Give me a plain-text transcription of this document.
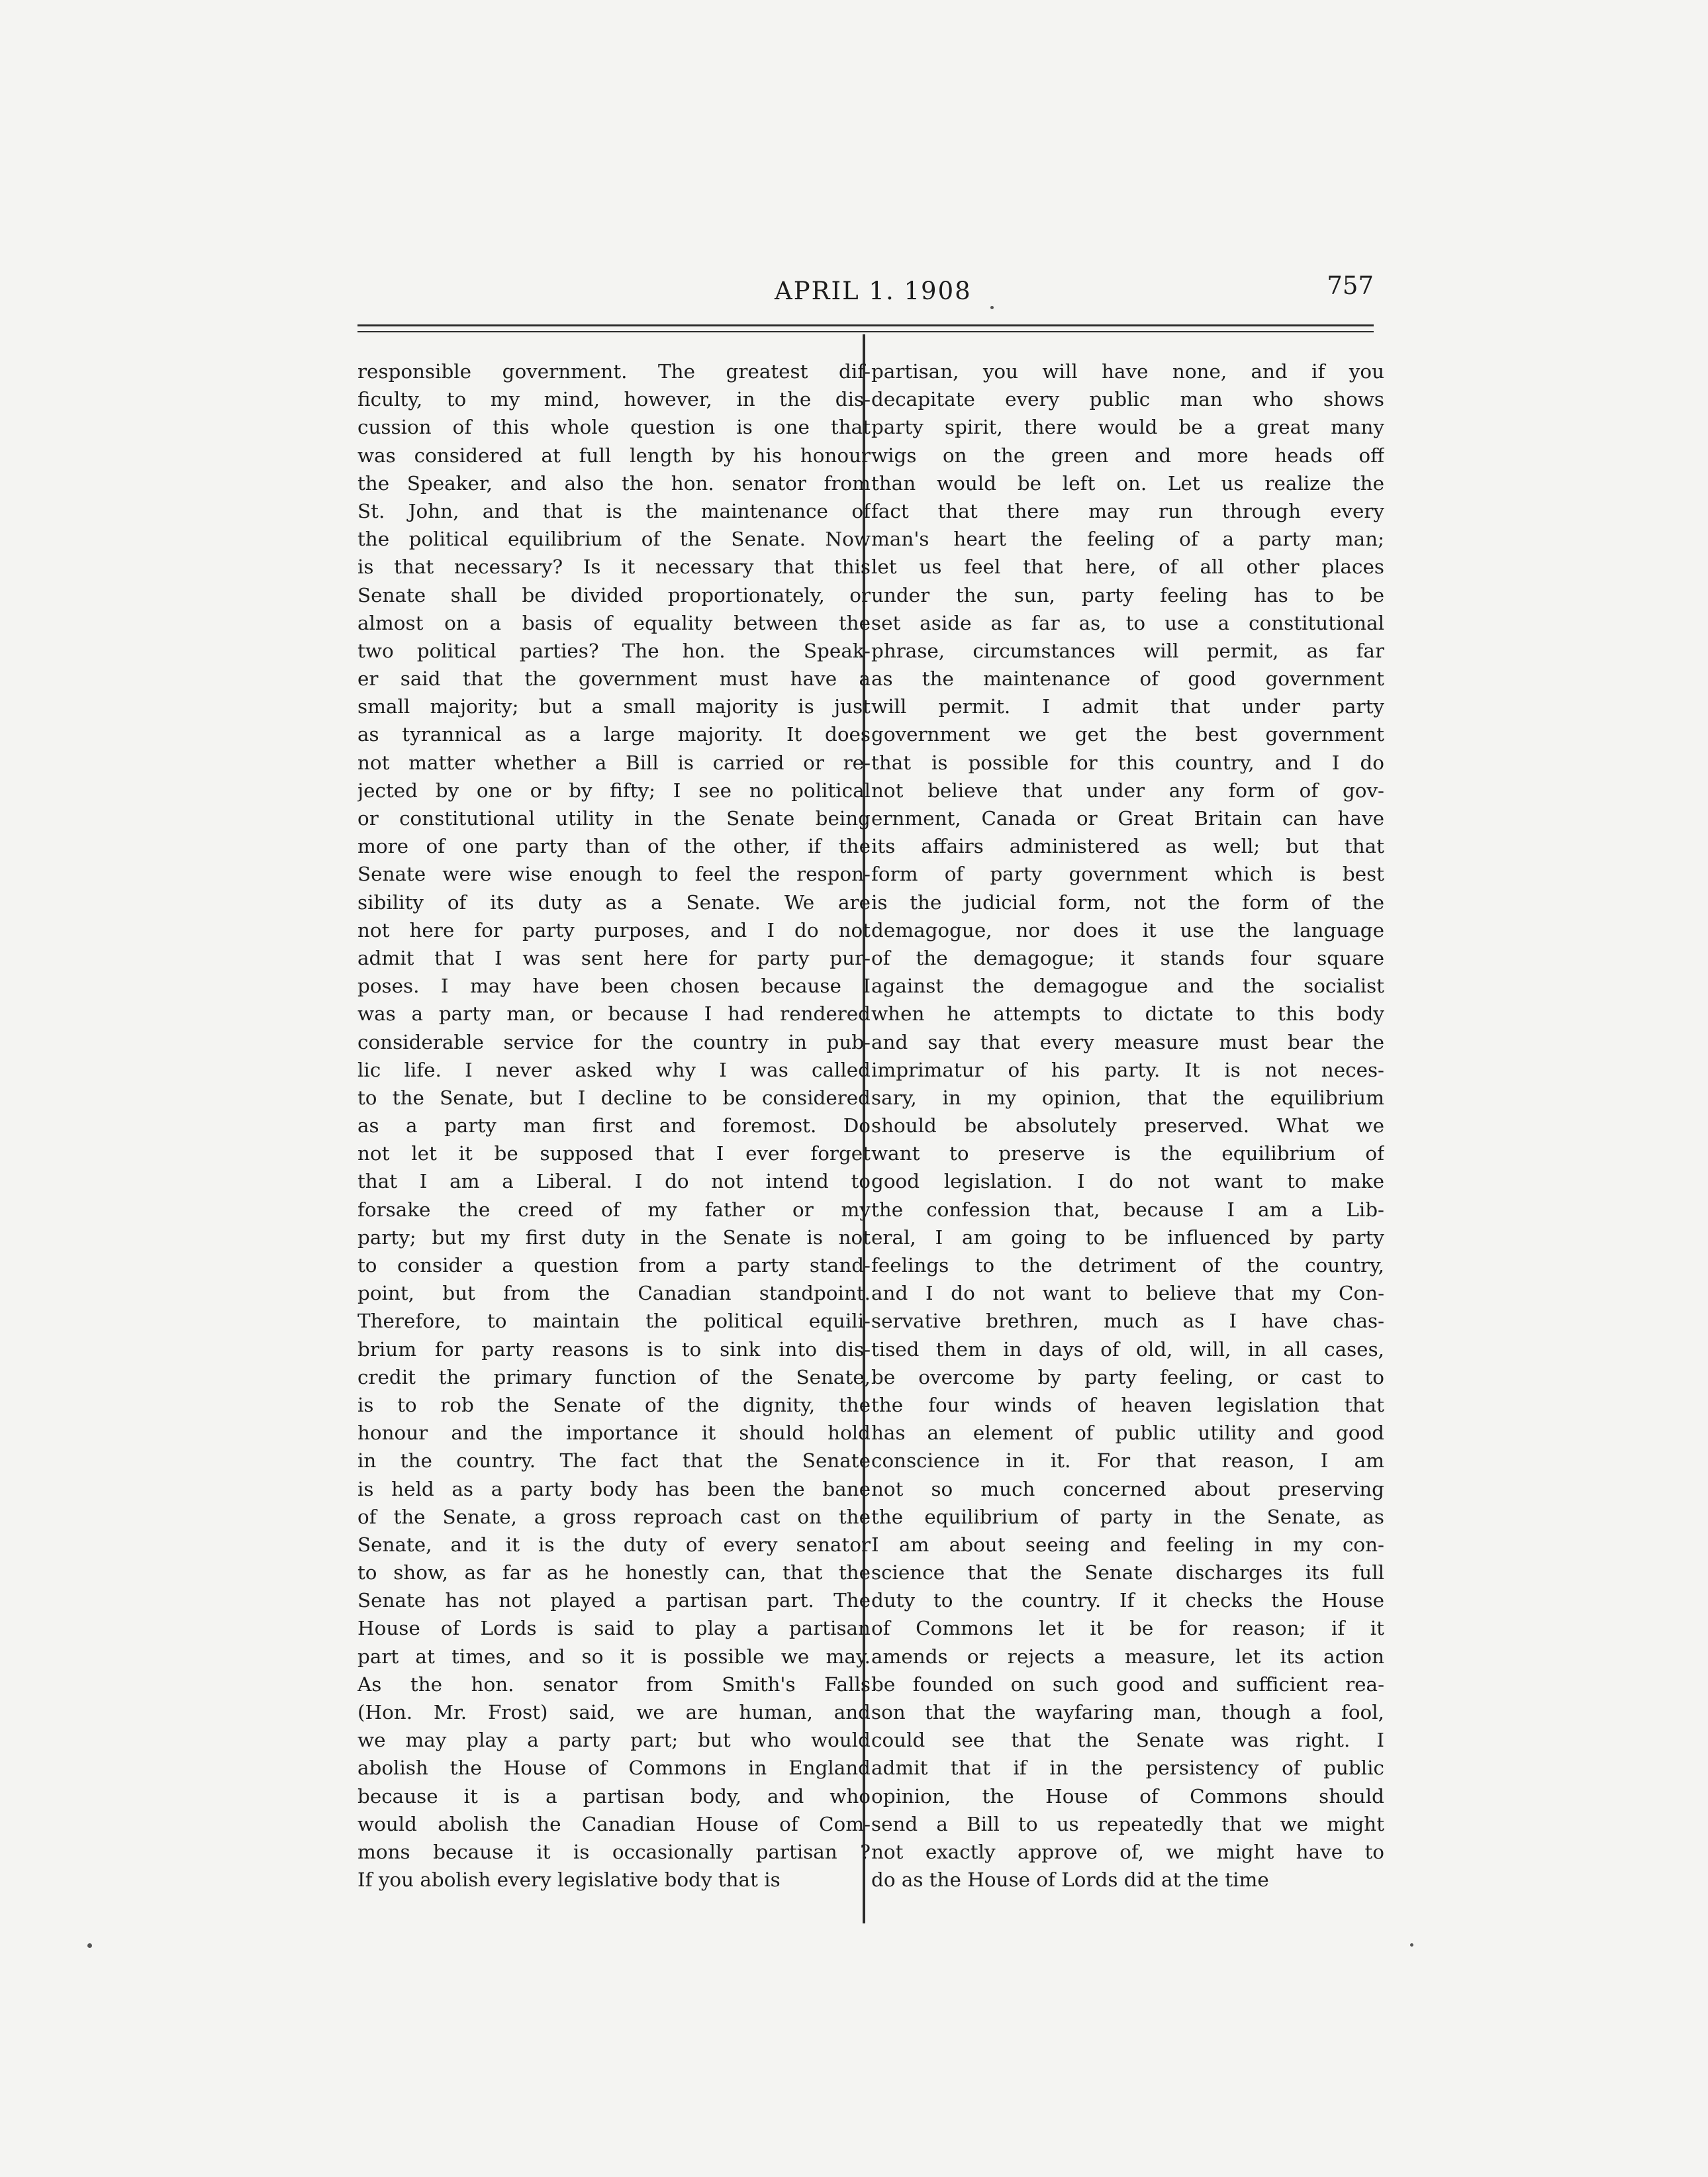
APRIL 1. 1908	757
responsible government. The greatest dif-
ficulty, to my mind, however, in the dis-
cussion of this whole question is one that
was considered at full length by his honour
the Speaker, and also the hon. senator from
St. John, and that is the maintenance of
the political equilibrium of the Senate. Now
is that necessary? Is it necessary that this
Senate shall be divided proportionately, or
almost on a basis of equality between the
two political parties? The hon. the Speak-
er said that the government must have a
small majority; but a small majority is just
as tyrannical as a large majority. It does
not matter whether a Bill is carried or re-
jected by one or by fifty; I see no political
or constitutional utility in the Senate being
more of one party than of the other, if the
Senate were wise enough to feel the respon-
sibility of its duty as a Senate. We are
not here for party purposes, and I do not
admit that I was sent here for party pur-
poses. I may have been chosen because I
was a party man, or because I had rendered
considerable service for the country in pub-
lic life. I never asked why I was called
to the Senate, but I decline to be considered
as a party man first and foremost. Do
not let it be supposed that I ever forget
that I am a Liberal. I do not intend to
forsake the creed of my father or my
party; but my first duty in the Senate is not
to consider a question from a party stand-
point, but from the Canadian standpoint.
Therefore, to maintain the political equili-
brium for party reasons is to sink into dis-
credit the primary function of the Senate,
is to rob the Senate of the dignity, the
honour and the importance it should hold
in the country. The fact that the Senate
is held as a party body has been the bane
of the Senate, a gross reproach cast on the
Senate, and it is the duty of every senator
to show, as far as he honestly can, that the
Senate has not played a partisan part. The
House of Lords is said to play a partisan
part at times, and so it is possible we may.
As the hon. senator from Smith's Falls
(Hon. Mr. Frost) said, we are human, and
we may play a party part; but who would
abolish the House of Commons in England
because it is a partisan body, and who
would abolish the Canadian House of Com-
mons because it is occasionally partisan ?
If you abolish every legislative body that is
partisan, you will have none, and if you
decapitate every public man who shows
party spirit, there would be a great many
wigs on the green and more heads off
than would be left on. Let us realize the
fact that there may run through every
man's heart the feeling of a party man;
let us feel that here, of all other places
under the sun, party feeling has to be
set aside as far as, to use a constitutional
phrase, circumstances will permit, as far
as the maintenance of good government
will permit. I admit that under party
government we get the best government
that is possible for this country, and I do
not believe that under any form of gov-
ernment, Canada or Great Britain can have
its affairs administered as well; but that
form of party government which is best
is the judicial form, not the form of the
demagogue, nor does it use the language
of the demagogue; it stands four square
against the demagogue and the socialist
when he attempts to dictate to this body
and say that every measure must bear the
imprimatur of his party. It is not neces-
sary, in my opinion, that the equilibrium
should be absolutely preserved. What we
want to preserve is the equilibrium of
good legislation. I do not want to make
the confession that, because I am a Lib-
eral, I am going to be influenced by party
feelings to the detriment of the country,
and I do not want to believe that my Con-
servative brethren, much as I have chas-
tised them in days of old, will, in all cases,
be overcome by party feeling, or cast to
the four winds of heaven legislation that
has an element of public utility and good
conscience in it. For that reason, I am
not so much concerned about preserving
the equilibrium of party in the Senate, as
I am about seeing and feeling in my con-
science that the Senate discharges its full
duty to the country. If it checks the House
of Commons let it be for reason; if it
amends or rejects a measure, let its action
be founded on such good and sufficient rea-
son that the wayfaring man, though a fool,
could see that the Senate was right. I
admit that if in the persistency of public
opinion, the House of Commons should
send a Bill to us repeatedly that we might
not exactly approve of, we might have to
do as the House of Lords did at the time
